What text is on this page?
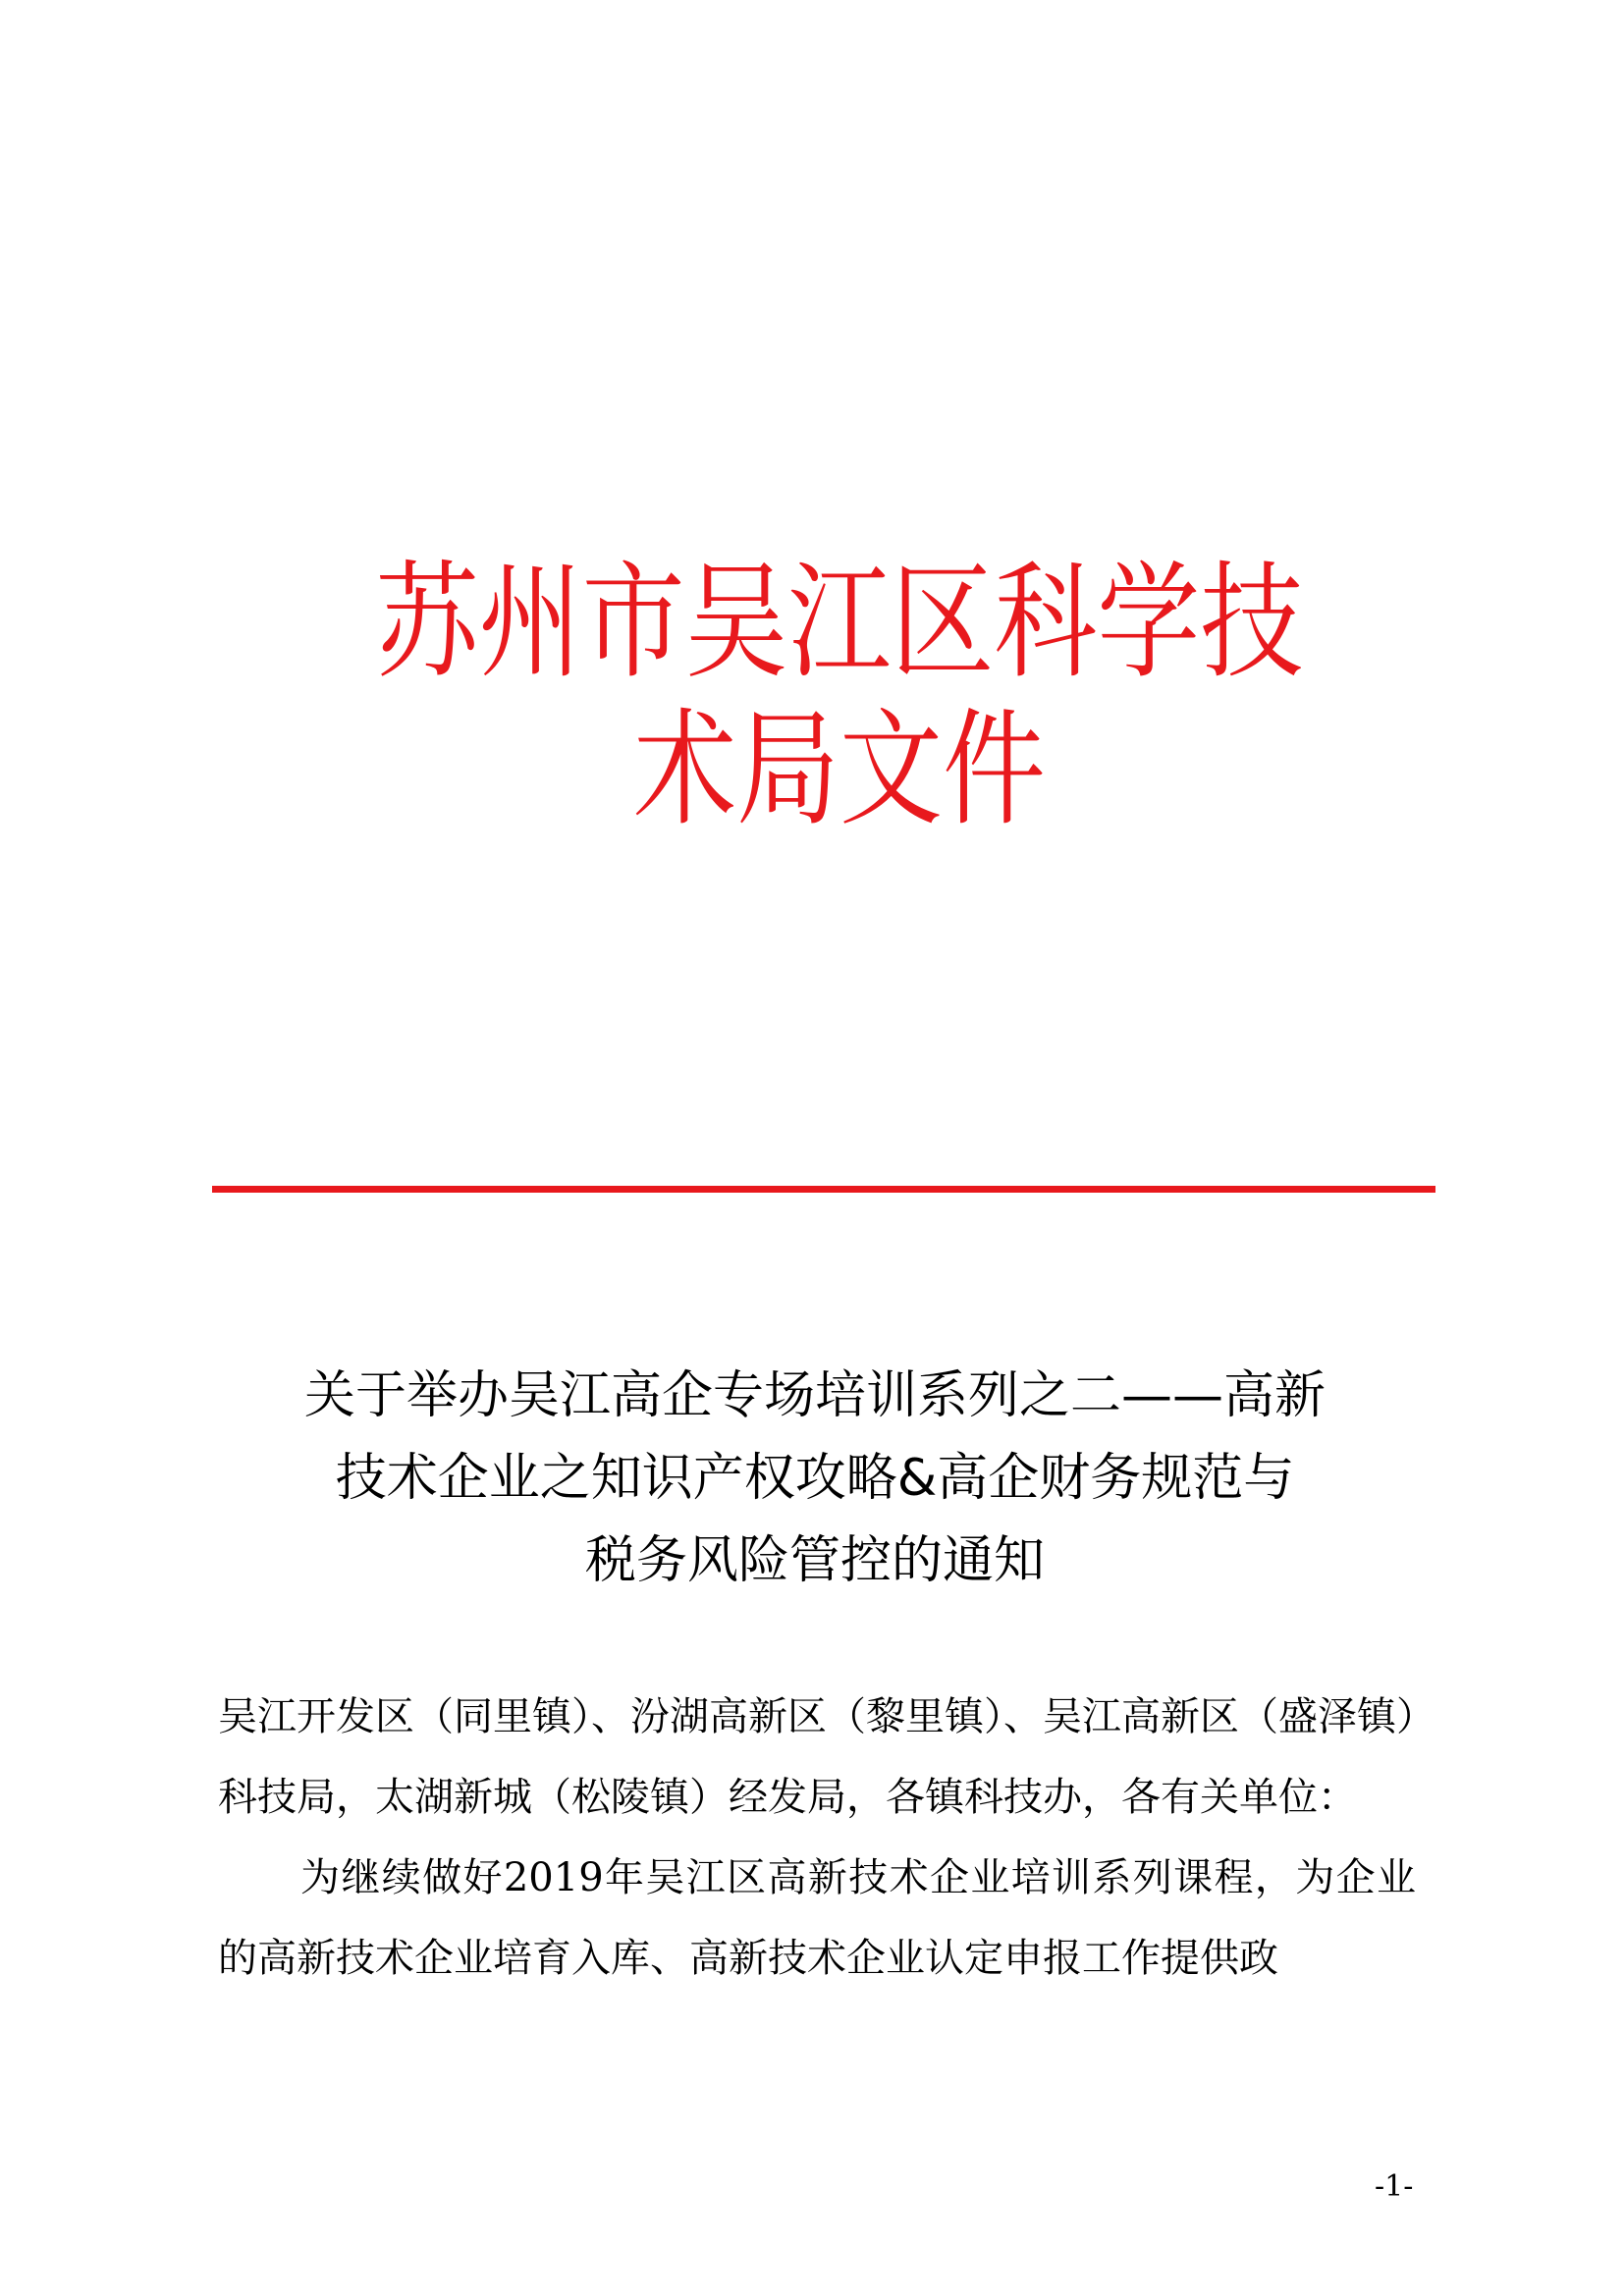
苏州市吴江区科学技术局文件
关于举办吴江高企专场培训系列之二——高新
技术企业之知识产权攻略&高企财务规范与
税务风险管控的通知

吴江开发区（同里镇）、汾湖高新区（黎里镇）、吴江高新区（盛泽镇）科技局，太湖新城（松陵镇）经发局，各镇科技办，各有关单位：

为继续做好2019年吴江区高新技术企业培训系列课程，为企业的高新技术企业培育入库、高新技术企业认定申报工作提供政

-1-
